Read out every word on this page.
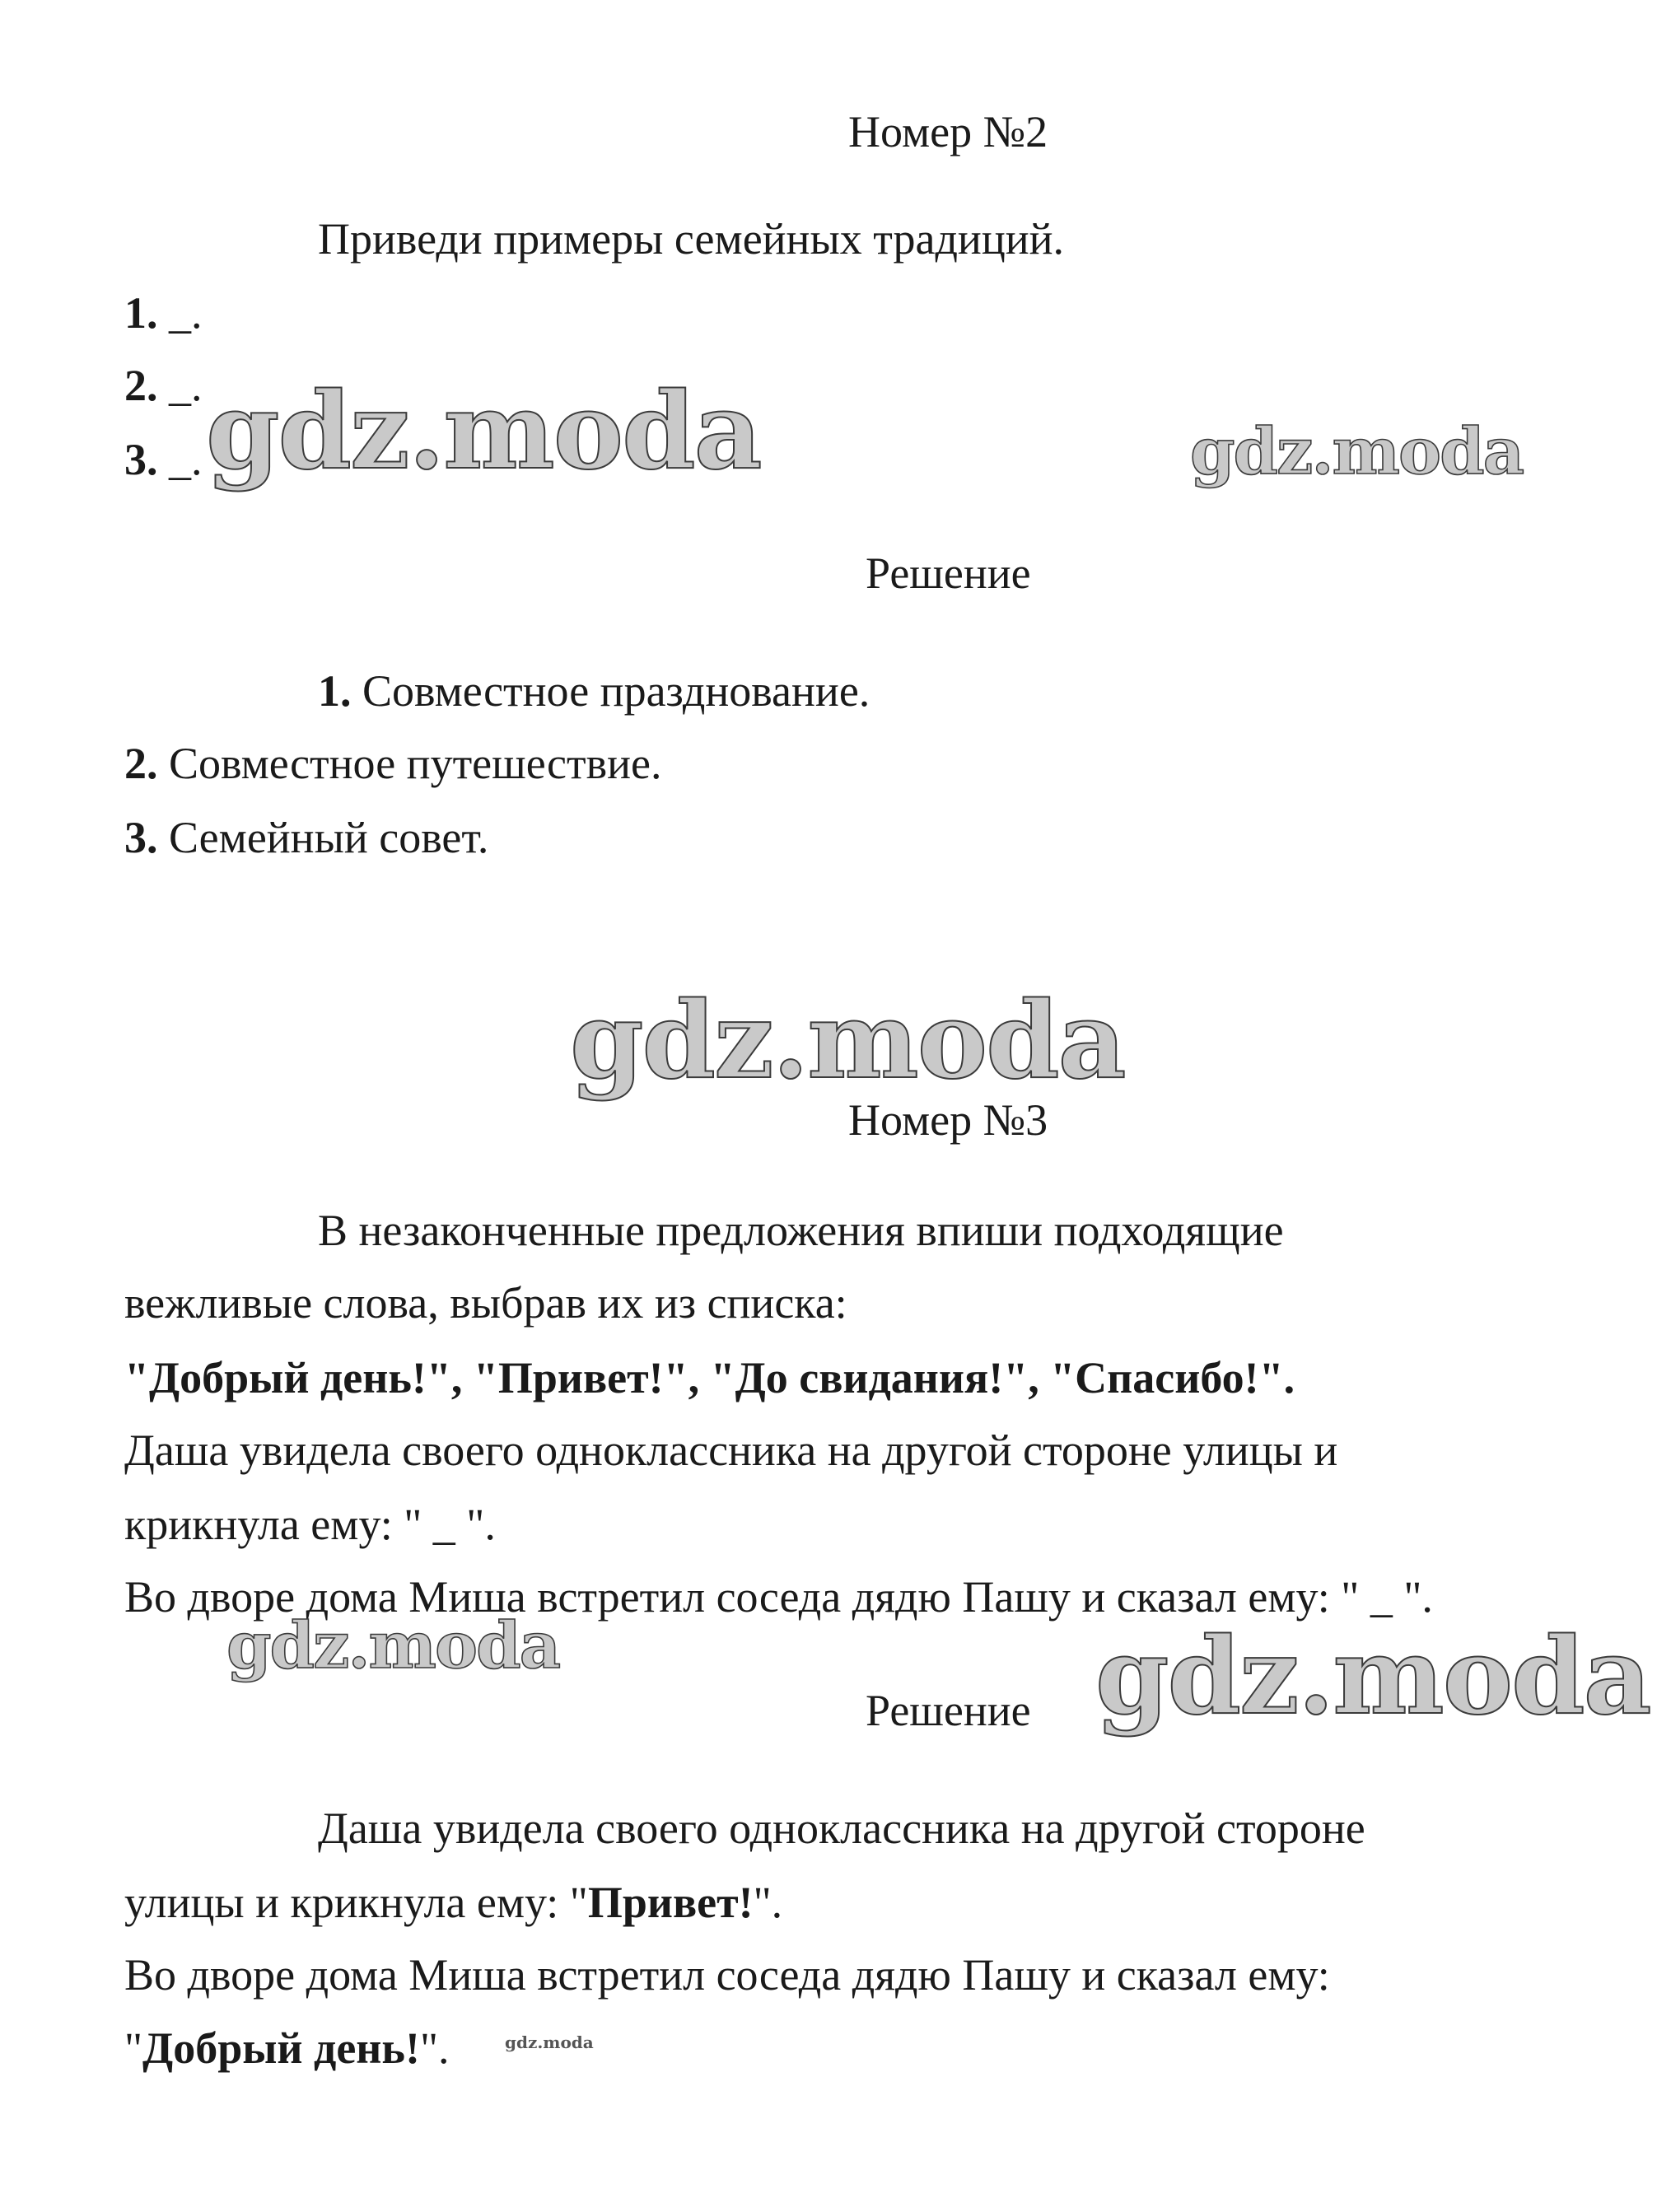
Номер №2
Приведи примеры семейных традиций.
1. _.
2. _.
3. _.
Решение
1. Совместное празднование.
2. Совместное путешествие.
3. Семейный совет.
Номер №3
В незаконченные предложения впиши подходящие
вежливые слова, выбрав их из списка:
"Добрый день!", "Привет!", "До свидания!", "Спасибо!".
Даша увидела своего одноклассника на другой стороне улицы и
крикнула ему: " _ ".
Во дворе дома Миша встретил соседа дядю Пашу и сказал ему: " _ ".
Решение
Даша увидела своего одноклассника на другой стороне
улицы и крикнула ему: "Привет!".
Во дворе дома Миша встретил соседа дядю Пашу и сказал ему:
"Добрый день!".
gdz.moda	gdz.moda
gdz.moda
gdz.moda	gdz.moda
gdz.moda
